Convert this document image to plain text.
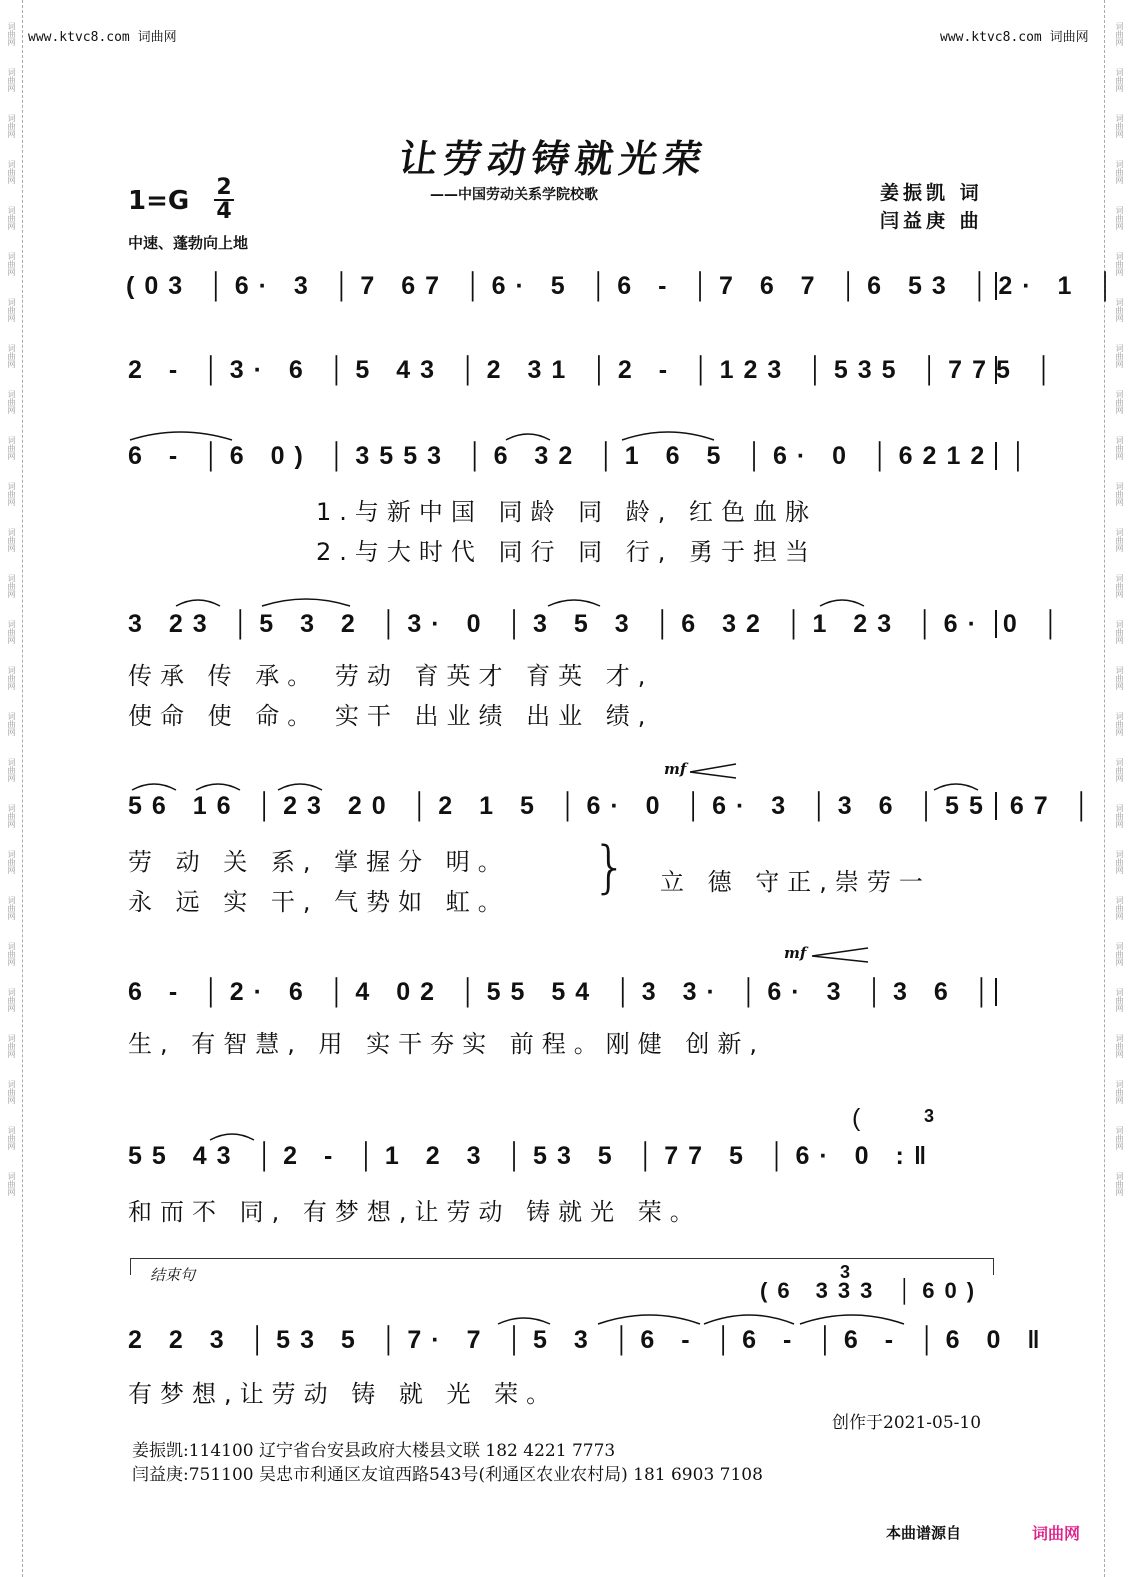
词曲网
词曲网
词曲网
词曲网
词曲网
词曲网
词曲网
词曲网
词曲网
词曲网
词曲网
词曲网
词曲网
词曲网
词曲网
词曲网
词曲网
词曲网
词曲网
词曲网
词曲网
词曲网
词曲网
词曲网
词曲网
词曲网
词曲网
词曲网
词曲网
词曲网
词曲网
词曲网
词曲网
词曲网
词曲网
词曲网
词曲网
词曲网
词曲网
词曲网
词曲网
词曲网
词曲网
词曲网
词曲网
词曲网
词曲网
词曲网
词曲网
词曲网
词曲网
词曲网
www.ktvc8.com 词曲网	www.ktvc8.com 词曲网
让劳动铸就光荣
——中国劳动关系学院校歌	姜振凯 词
闫益庚 曲
1=G 2
4
中速、蓬勃向上地
(03 │6· 3 │7 67 │6· 5 │6 - │7 6 7 │6 53 │2· 1 │
2 - │3· 6 │5 43 │2 31 │2 - │123 │535 │775 │
6 - │6 0) │3553 │6 32 │1 6 5 │6· 0 │6212 │
1.与新中国 同龄 同 龄, 红色血脉
2.与大时代 同行 同 行, 勇于担当
3 23 │5 3 2 │3· 0 │3 5 3 │6 32 │1 23 │6· 0 │
传承 传 承。 劳动 育英才 育英 才,
使命 使 命。 实干 出业绩 出业 绩,
mf
56 16 │23 20 │2 1 5 │6· 0 │6· 3 │3 6 │55 67 │
劳 动 关 系, 掌握分 明。
永 远 实 干, 气势如 虹。
} 立 德 守正,崇劳一
mf
6 - │2· 6 │4 02 │55 54 │3 3· │6· 3 │3 6 │
生, 有智慧, 用 实干夯实 前程。刚健 创新,
(	3
55 43 │2 - │1 2 3 │53 5 │77 5 │6· 0 :‖
和而不 同, 有梦想,让劳动 铸就光 荣。
结束句	3
(6 333 │60)
2 2 3 │53 5 │7· 7 │5 3 │6 - │6 - │6 - │6 0 ‖
有梦想,让劳动 铸 就 光 荣。
创作于2021-05-10
姜振凯:114100 辽宁省台安县政府大楼县文联 182 4221 7773
闫益庚:751100 吴忠市利通区友谊西路543号(利通区农业农村局) 181 6903 7108
本曲谱源自	词曲网
